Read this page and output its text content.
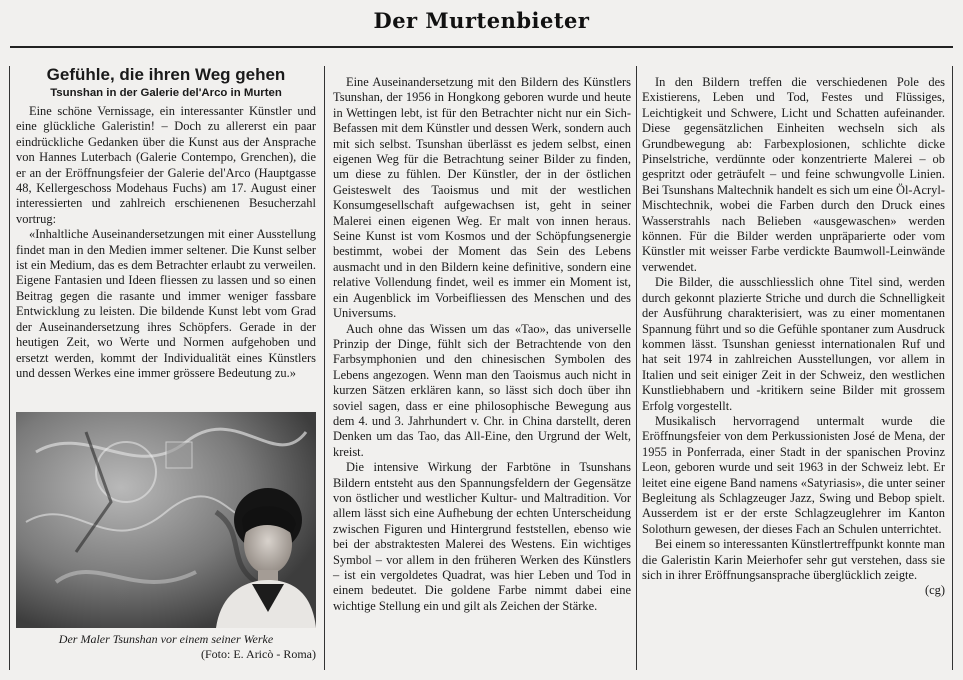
Der Murtenbieter
Gefühle, die ihren Weg gehen
Tsunshan in der Galerie del'Arco in Murten

Eine schöne Vernissage, ein interessanter Künstler und eine glückliche Galeristin! – Doch zu allererst ein paar eindrückliche Gedanken über die Kunst aus der Ansprache von Hannes Luterbach (Galerie Contempo, Grenchen), die er an der Eröffnungsfeier der Galerie del'Arco (Hauptgasse 48, Kellergeschoss Modehaus Fuchs) am 17. August einer interessierten und zahlreich erschienenen Besucherzahl vortrug:

«Inhaltliche Auseinandersetzungen mit einer Ausstellung findet man in den Medien immer seltener. Die Kunst selber ist ein Medium, das es dem Betrachter erlaubt zu verweilen. Eigene Fantasien und Ideen fliessen zu lassen und so einen Beitrag gegen die rasante und immer weniger fassbare Entwicklung zu leisten. Die bildende Kunst lebt vom Grad der Auseinandersetzung ihres Schöpfers. Gerade in der heutigen Zeit, wo Werte und Normen aufgehoben und ersetzt werden, kommt der Individualität eines Künstlers und dessen Werkes eine immer grössere Bedeutung zu.»

Der Maler Tsunshan vor einem seiner Werke
(Foto: E. Aricò - Roma)

Eine Auseinandersetzung mit den Bildern des Künstlers Tsunshan, der 1956 in Hongkong geboren wurde und heute in Wettingen lebt, ist für den Betrachter nicht nur ein Sich-Befassen mit dem Künstler und dessen Werk, sondern auch mit sich selbst. Tsunshan überlässt es jedem selbst, einen eigenen Weg für die Betrachtung seiner Bilder zu finden, um diese zu fühlen. Der Künstler, der in der östlichen Geisteswelt des Taoismus und mit der westlichen Konsumgesellschaft aufgewachsen ist, geht in seiner Malerei einen eigenen Weg. Er malt von innen heraus. Seine Kunst ist vom Kosmos und der Schöpfungsenergie bestimmt, wobei der Moment das Sein des Lebens ausmacht und in den Bildern keine definitive, sondern eine relative Vollendung findet, weil es immer ein Moment ist, ein Augenblick im Vorbeifliessen des Menschen und des Universums.

Auch ohne das Wissen um das «Tao», das universelle Prinzip der Dinge, fühlt sich der Betrachtende von den Farbsymphonien und den chinesischen Symbolen des Lebens angezogen. Wenn man den Taoismus auch nicht in kurzen Sätzen erklären kann, so lässt sich doch über ihn soviel sagen, dass er eine philosophische Bewegung aus dem 4. und 3. Jahrhundert v. Chr. in China darstellt, deren Denken um das Tao, das All-Eine, den Urgrund der Welt, kreist.

Die intensive Wirkung der Farbtöne in Tsunshans Bildern entsteht aus den Spannungsfeldern der Gegensätze von östlicher und westlicher Kultur- und Maltradition. Vor allem lässt sich eine Aufhebung der echten Unterscheidung zwischen Figuren und Hintergrund feststellen, ebenso wie bei der abstraktesten Malerei des Westens. Ein wichtiges Symbol – vor allem in den früheren Werken des Künstlers – ist ein vergoldetes Quadrat, was hier Leben und Tod in einem bedeutet. Die goldene Farbe nimmt dabei eine wichtige Stellung ein und gilt als Zeichen der Stärke.

In den Bildern treffen die verschiedenen Pole des Existierens, Leben und Tod, Festes und Flüssiges, Leichtigkeit und Schwere, Licht und Schatten aufeinander. Diese gegensätzlichen Einheiten wechseln sich als Grundbewegung ab: Farbexplosionen, schlichte dicke Pinselstriche, verdünnte oder konzentrierte Malerei – ob gespritzt oder geträufelt – und feine schwungvolle Linien. Bei Tsunshans Maltechnik handelt es sich um eine Öl-Acryl-Mischtechnik, wobei die Farben durch den Druck eines Wasserstrahls nach Belieben «ausgewaschen» werden können. Für die Bilder werden unpräparierte oder vom Künstler mit weisser Farbe verdickte Baumwoll-Leinwände verwendet.

Die Bilder, die ausschliesslich ohne Titel sind, werden durch gekonnt plazierte Striche und durch die Schnelligkeit der Ausführung charakterisiert, was zu einer momentanen Spannung führt und so die Gefühle spontaner zum Ausdruck kommen lässt. Tsunshan geniesst internationalen Ruf und hat seit 1974 in zahlreichen Ausstellungen, vor allem in Italien und seit einiger Zeit in der Schweiz, den westlichen Kunstliebhabern und -kritikern seine Bilder mit grossem Erfolg vorgestellt.

Musikalisch hervorragend untermalt wurde die Eröffnungsfeier von dem Perkussionisten José de Mena, der 1955 in Ponferrada, einer Stadt in der spanischen Provinz Leon, geboren wurde und seit 1963 in der Schweiz lebt. Er leitet eine eigene Band namens «Satyriasis», die unter seiner Begleitung als Schlagzeuger Jazz, Swing und Bebop spielt. Ausserdem ist er der erste Schlagzeuglehrer im Kanton Solothurn gewesen, der dieses Fach an Schulen unterrichtet.

Bei einem so interessanten Künstlertreffpunkt konnte man die Galeristin Karin Meierhofer sehr gut verstehen, dass sie sich in ihrer Eröffnungsansprache überglücklich zeigte.
(cg)
